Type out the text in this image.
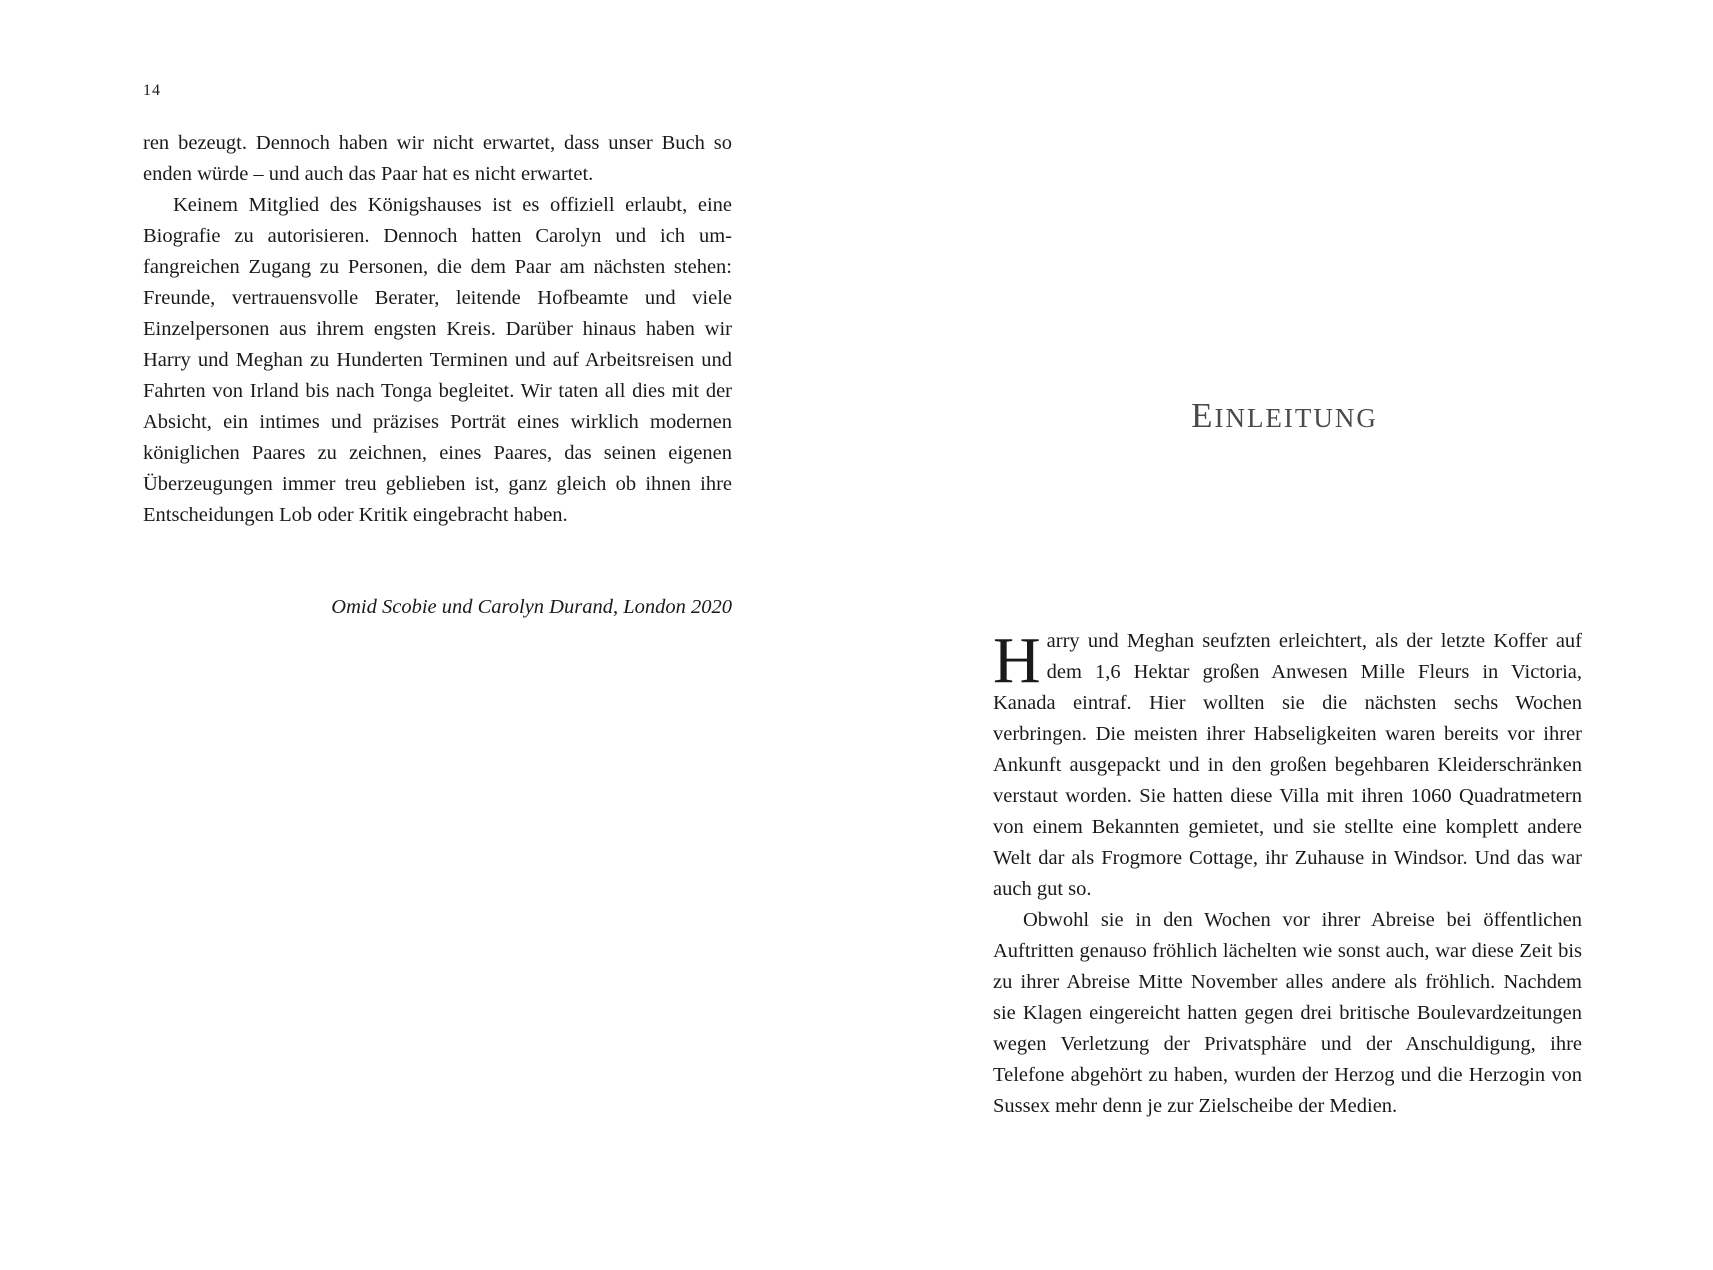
14

ren bezeugt. Dennoch haben wir nicht erwartet, dass unser Buch so enden würde – und auch das Paar hat es nicht erwartet.

Keinem Mitglied des Königshauses ist es offiziell erlaubt, eine Biografie zu autorisieren. Dennoch hatten Carolyn und ich umfangreichen Zugang zu Personen, die dem Paar am nächsten stehen: Freunde, vertrauensvolle Berater, leitende Hofbeamte und viele Einzelpersonen aus ihrem engsten Kreis. Darüber hinaus haben wir Harry und Meghan zu Hunderten Terminen und auf Arbeitsreisen und Fahrten von Irland bis nach Tonga begleitet. Wir taten all dies mit der Absicht, ein intimes und präzises Porträt eines wirklich modernen königlichen Paares zu zeichnen, eines Paares, das seinen eigenen Überzeugungen immer treu geblieben ist, ganz gleich ob ihnen ihre Entscheidungen Lob oder Kritik eingebracht haben.

Omid Scobie und Carolyn Durand, London 2020
EINLEITUNG

Harry und Meghan seufzten erleichtert, als der letzte Koffer auf dem 1,6 Hektar großen Anwesen Mille Fleurs in Victoria, Kanada eintraf. Hier wollten sie die nächsten sechs Wochen verbringen. Die meisten ihrer Habseligkeiten waren bereits vor ihrer Ankunft ausgepackt und in den großen begehbaren Kleiderschränken verstaut worden. Sie hatten diese Villa mit ihren 1060 Quadratmetern von einem Bekannten gemietet, und sie stellte eine komplett andere Welt dar als Frogmore Cottage, ihr Zuhause in Windsor. Und das war auch gut so.

Obwohl sie in den Wochen vor ihrer Abreise bei öffentlichen Auftritten genauso fröhlich lächelten wie sonst auch, war diese Zeit bis zu ihrer Abreise Mitte November alles andere als fröhlich. Nachdem sie Klagen eingereicht hatten gegen drei britische Boulevardzeitungen wegen Verletzung der Privatsphäre und der Anschuldigung, ihre Telefone abgehört zu haben, wurden der Herzog und die Herzogin von Sussex mehr denn je zur Zielscheibe der Medien.
